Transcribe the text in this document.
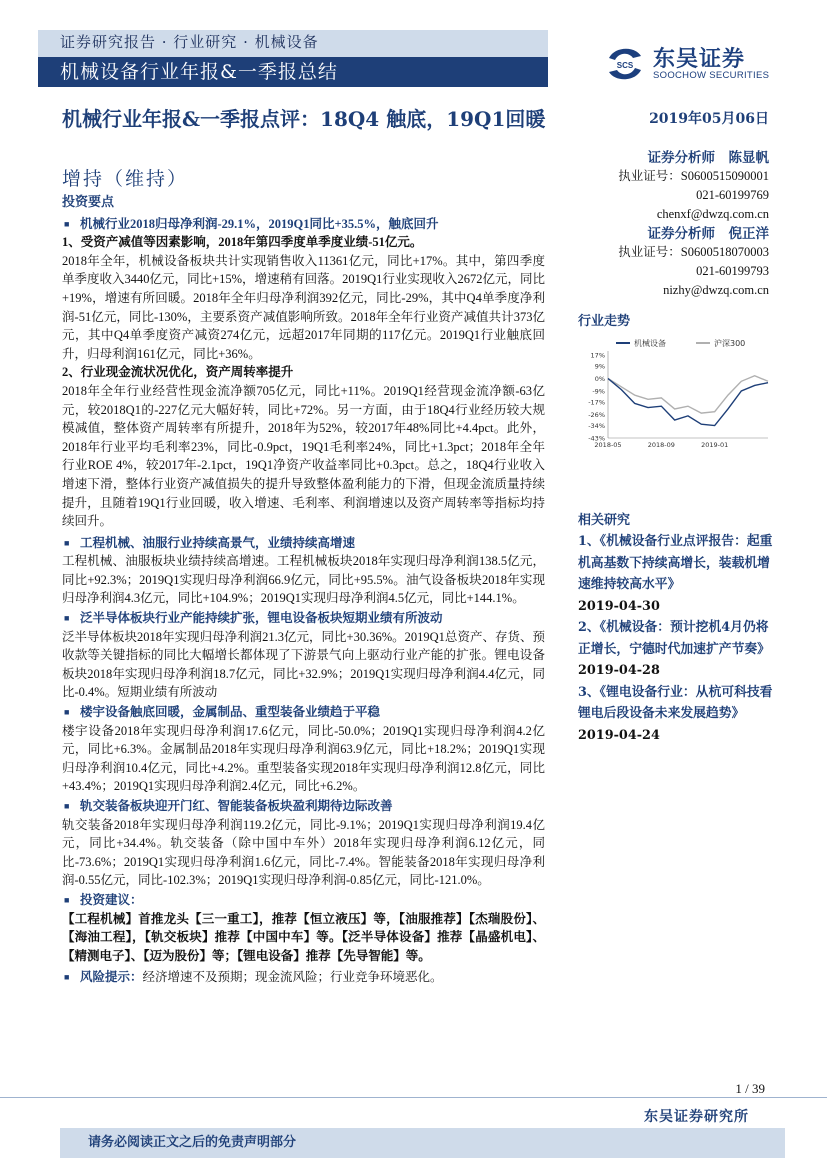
证券研究报告 · 行业研究 · 机械设备
机械设备行业年报&一季报总结	SCS 东吴证券
SOOCHOW SECURITIES
机械行业年报&一季报点评：18Q4 触底，19Q1回暖
增持（维持）
2019年05月06日
证券分析师　陈显帆
执业证号：S0600515090001
021-60199769
chenxf@dwzq.com.cn
证券分析师　倪正洋
执业证号：S0600518070003
021-60199793
nizhy@dwzq.com.cn
行业走势
机械设备	沪深300
17%
9%
0%
-9%
-17%
-26%
-34%
-43%
2018-05	2018-09	2019-01
相关研究

1、《机械设备行业点评报告：起重机高基数下持续高增长，装载机增速维持较高水平》

2019-04-30

2、《机械设备：预计挖机4月仍将正增长，宁德时代加速扩产节奏》

2019-04-28

3、《锂电设备行业：从杭可科技看锂电后段设备未来发展趋势》

2019-04-24

投资要点
■ 机械行业2018归母净利润-29.1%，2019Q1同比+35.5%，触底回升
1、受资产减值等因素影响，2018年第四季度单季度业绩-51亿元。

2018年全年，机械设备板块共计实现销售收入11361亿元，同比+17%。其中，第四季度单季度收入3440亿元，同比+15%，增速稍有回落。2019Q1行业实现收入2672亿元，同比+19%，增速有所回暖。2018年全年归母净利润392亿元，同比-29%，其中Q4单季度净利润-51亿元，同比-130%，主要系资产减值影响所致。2018年全年行业资产减值共计373亿元，其中Q4单季度资产减资274亿元，远超2017年同期的117亿元。2019Q1行业触底回升，归母利润161亿元，同比+36%。

2、行业现金流状况优化，资产周转率提升

2018年全年行业经营性现金流净额705亿元，同比+11%。2019Q1经营现金流净额-63亿元，较2018Q1的-227亿元大幅好转，同比+72%。另一方面，由于18Q4行业经历较大规模减值，整体资产周转率有所提升，2018年为52%，较2017年48%同比+4.4pct。此外，2018年行业平均毛利率23%，同比-0.9pct，19Q1毛利率24%，同比+1.3pct；2018年全年行业ROE 4%，较2017年-2.1pct，19Q1净资产收益率同比+0.3pct。总之，18Q4行业收入增速下滑，整体行业资产减值损失的提升导致整体盈利能力的下滑，但现金流质量持续提升，且随着19Q1行业回暖，收入增速、毛利率、利润增速以及资产周转率等指标均持续回升。

■ 工程机械、油服行业持续高景气，业绩持续高增速

工程机械、油服板块业绩持续高增速。工程机械板块2018年实现归母净利润138.5亿元，同比+92.3%；2019Q1实现归母净利润66.9亿元，同比+95.5%。油气设备板块2018年实现归母净利润4.3亿元，同比+104.9%；2019Q1实现归母净利润4.5亿元，同比+144.1%。

■ 泛半导体板块行业产能持续扩张，锂电设备板块短期业绩有所波动

泛半导体板块2018年实现归母净利润21.3亿元，同比+30.36%。2019Q1总资产、存货、预收款等关键指标的同比大幅增长都体现了下游景气向上驱动行业产能的扩张。锂电设备板块2018年实现归母净利润18.7亿元，同比+32.9%；2019Q1实现归母净利润4.4亿元，同比-0.4%。短期业绩有所波动

■ 楼宇设备触底回暖，金属制品、重型装备业绩趋于平稳

楼宇设备2018年实现归母净利润17.6亿元，同比-50.0%；2019Q1实现归母净利润4.2亿元，同比+6.3%。金属制品2018年实现归母净利润63.9亿元，同比+18.2%；2019Q1实现归母净利润10.4亿元，同比+4.2%。重型装备实现2018年实现归母净利润12.8亿元，同比+43.4%；2019Q1实现归母净利润2.4亿元，同比+6.2%。

■ 轨交装备板块迎开门红、智能装备板块盈利期待边际改善

轨交装备2018年实现归母净利润119.2亿元，同比-9.1%；2019Q1实现归母净利润19.4亿元，同比+34.4%。轨交装备（除中国中车外）2018年实现归母净利润6.12亿元，同比-73.6%；2019Q1实现归母净利润1.6亿元，同比-7.4%。智能装备2018年实现归母净利润-0.55亿元，同比-102.3%；2019Q1实现归母净利润-0.85亿元，同比-121.0%。

■ 投资建议：

【工程机械】首推龙头【三一重工】，推荐【恒立液压】等，【油服推荐】【杰瑞股份】、【海油工程】，【轨交板块】推荐【中国中车】等。【泛半导体设备】推荐【晶盛机电】、【精测电子】、【迈为股份】等；【锂电设备】推荐【先导智能】等。

■ 风险提示：经济增速不及预期；现金流风险；行业竞争环境恶化。
1 / 39
东吴证券研究所
请务必阅读正文之后的免责声明部分
